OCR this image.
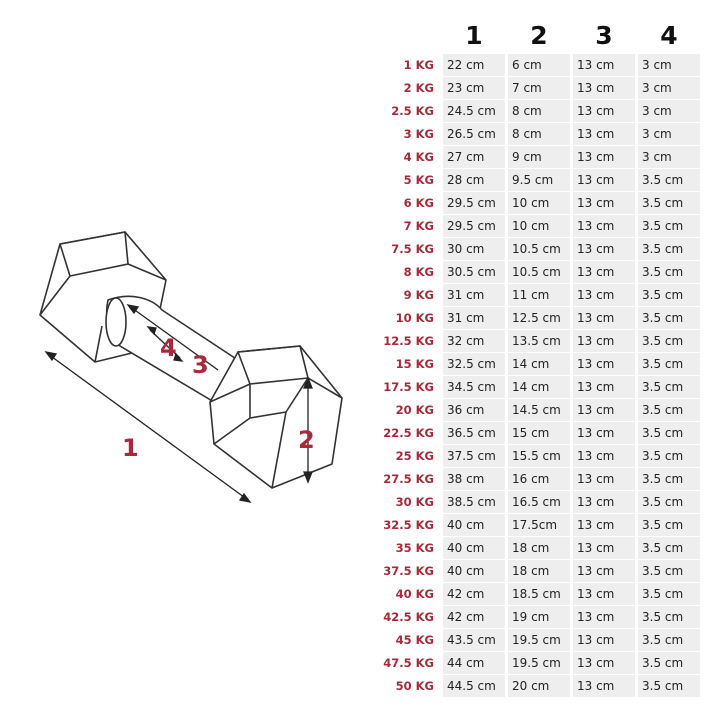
1	2
3
4
1	2	3	4
1 KG	22 cm	6 cm	13 cm	3 cm
2 KG	23 cm	7 cm	13 cm	3 cm
2.5 KG	24.5 cm	8 cm	13 cm	3 cm
3 KG	26.5 cm	8 cm	13 cm	3 cm
4 KG	27 cm	9 cm	13 cm	3 cm
5 KG	28 cm	9.5 cm	13 cm	3.5 cm
6 KG	29.5 cm	10 cm	13 cm	3.5 cm
7 KG	29.5 cm	10 cm	13 cm	3.5 cm
7.5 KG	30 cm	10.5 cm	13 cm	3.5 cm
8 KG	30.5 cm	10.5 cm	13 cm	3.5 cm
9 KG	31 cm	11 cm	13 cm	3.5 cm
10 KG	31 cm	12.5 cm	13 cm	3.5 cm
12.5 KG	32 cm	13.5 cm	13 cm	3.5 cm
15 KG	32.5 cm	14 cm	13 cm	3.5 cm
17.5 KG	34.5 cm	14 cm	13 cm	3.5 cm
20 KG	36 cm	14.5 cm	13 cm	3.5 cm
22.5 KG	36.5 cm	15 cm	13 cm	3.5 cm
25 KG	37.5 cm	15.5 cm	13 cm	3.5 cm
27.5 KG	38 cm	16 cm	13 cm	3.5 cm
30 KG	38.5 cm	16.5 cm	13 cm	3.5 cm
32.5 KG	40 cm	17.5cm	13 cm	3.5 cm
35 KG	40 cm	18 cm	13 cm	3.5 cm
37.5 KG	40 cm	18 cm	13 cm	3.5 cm
40 KG	42 cm	18.5 cm	13 cm	3.5 cm
42.5 KG	42 cm	19 cm	13 cm	3.5 cm
45 KG	43.5 cm	19.5 cm	13 cm	3.5 cm
47.5 KG	44 cm	19.5 cm	13 cm	3.5 cm
50 KG	44.5 cm	20 cm	13 cm	3.5 cm
